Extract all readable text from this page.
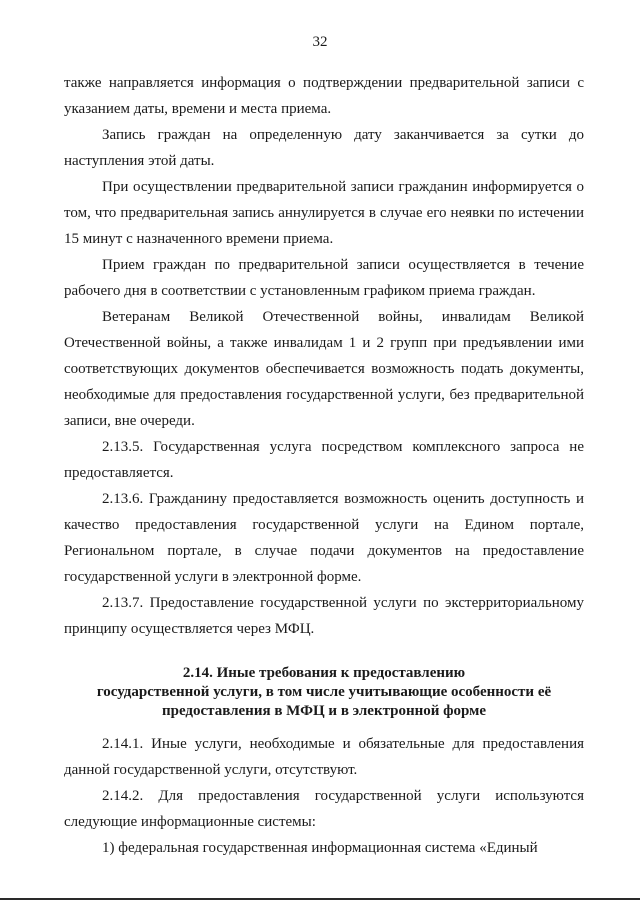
32

также направляется информация о подтверждении предварительной записи с указанием даты, времени и места приема.

Запись граждан на определенную дату заканчивается за сутки до наступления этой даты.

При осуществлении предварительной записи гражданин информируется о том, что предварительная запись аннулируется в случае его неявки по истечении 15 минут с назначенного времени приема.

Прием граждан по предварительной записи осуществляется в течение рабочего дня в соответствии с установленным графиком приема граждан.

Ветеранам Великой Отечественной войны, инвалидам Великой Отечественной войны, а также инвалидам 1 и 2 групп при предъявлении ими соответствующих документов обеспечивается возможность подать документы, необходимые для предоставления государственной услуги, без предварительной записи, вне очереди.

2.13.5. Государственная услуга посредством комплексного запроса не предоставляется.

2.13.6. Гражданину предоставляется возможность оценить доступность и качество предоставления государственной услуги на Едином портале, Региональном портале, в случае подачи документов на предоставление государственной услуги в электронной форме.

2.13.7. Предоставление государственной услуги по экстерриториальному принципу осуществляется через МФЦ.

2.14. Иные требования к предоставлению
государственной услуги, в том числе учитывающие особенности её
предоставления в МФЦ и в электронной форме

2.14.1. Иные услуги, необходимые и обязательные для предоставления данной государственной услуги, отсутствуют.

2.14.2. Для предоставления государственной услуги используются следующие информационные системы:

1) федеральная государственная информационная система «Единый
